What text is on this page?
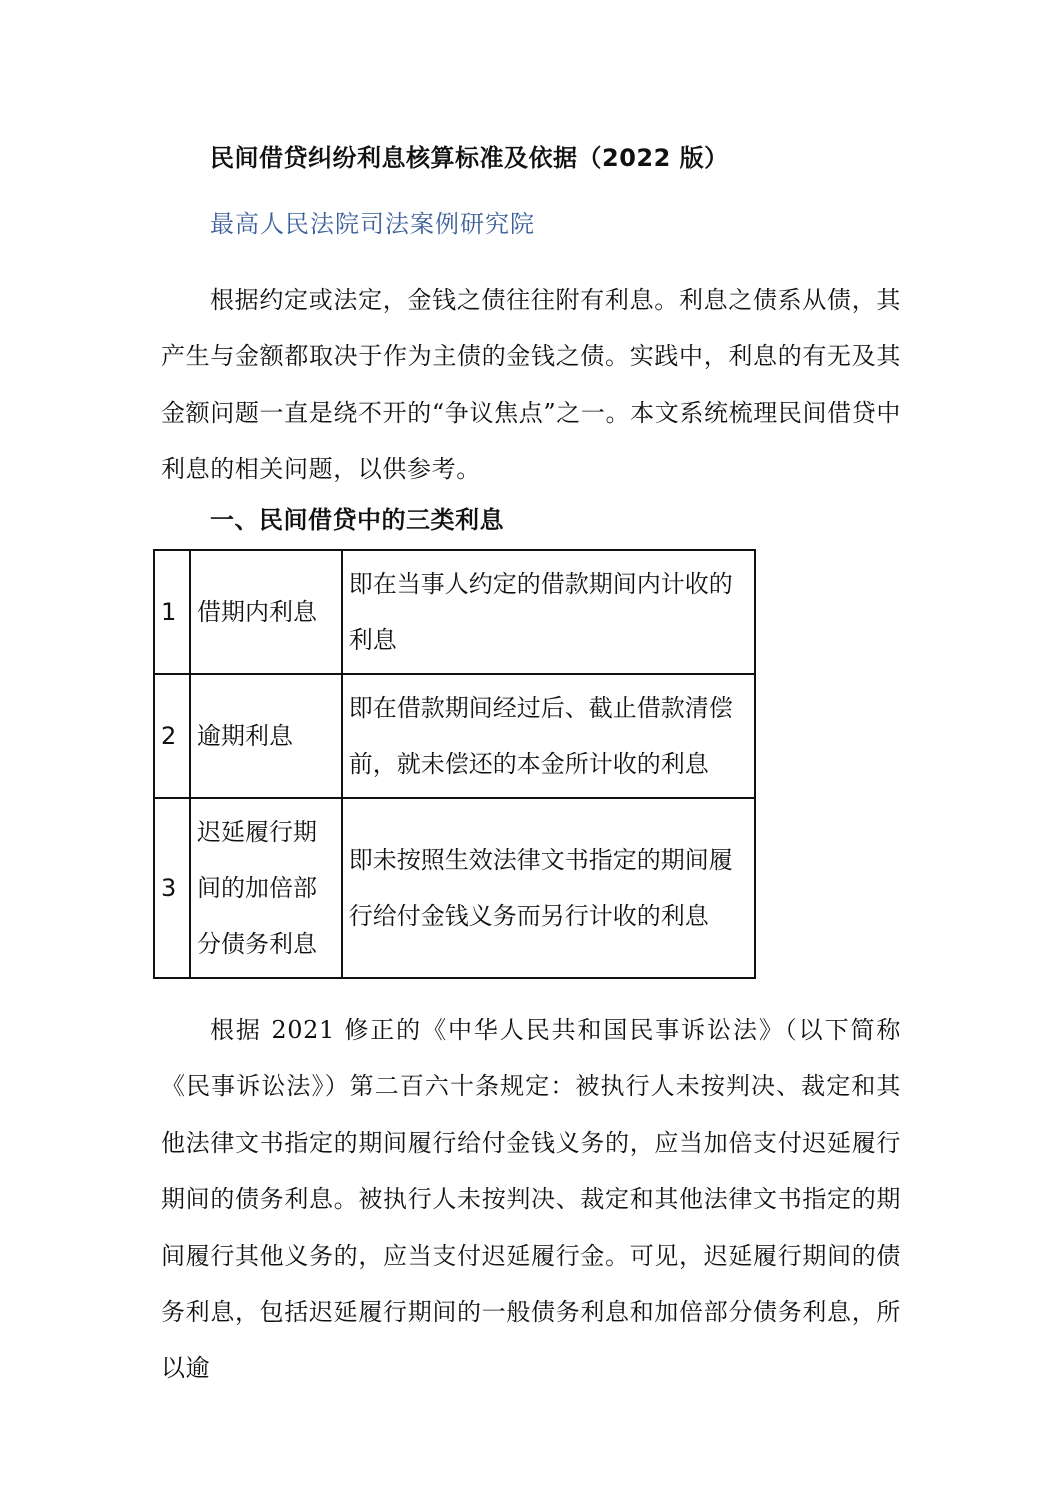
民间借贷纠纷利息核算标准及依据（2022 版）
最高人民法院司法案例研究院
根据约定或法定，金钱之债往往附有利息。利息之债系从债，其产生与金额都取决于作为主债的金钱之债。实践中，利息的有无及其金额问题一直是绕不开的“争议焦点”之一。本文系统梳理民间借贷中利息的相关问题，以供参考。
一、民间借贷中的三类利息
1	借期内利息	即在当事人约定的借款期间内计收的利息
2	逾期利息	即在借款期间经过后、截止借款清偿前，就未偿还的本金所计收的利息
3	迟延履行期间的加倍部分债务利息	即未按照生效法律文书指定的期间履行给付金钱义务而另行计收的利息
根据 2021 修正的《中华人民共和国民事诉讼法》（以下简称《民事诉讼法》）第二百六十条规定：被执行人未按判决、裁定和其他法律文书指定的期间履行给付金钱义务的，应当加倍支付迟延履行期间的债务利息。被执行人未按判决、裁定和其他法律文书指定的期间履行其他义务的，应当支付迟延履行金。可见，迟延履行期间的债务利息，包括迟延履行期间的一般债务利息和加倍部分债务利息，所以逾
